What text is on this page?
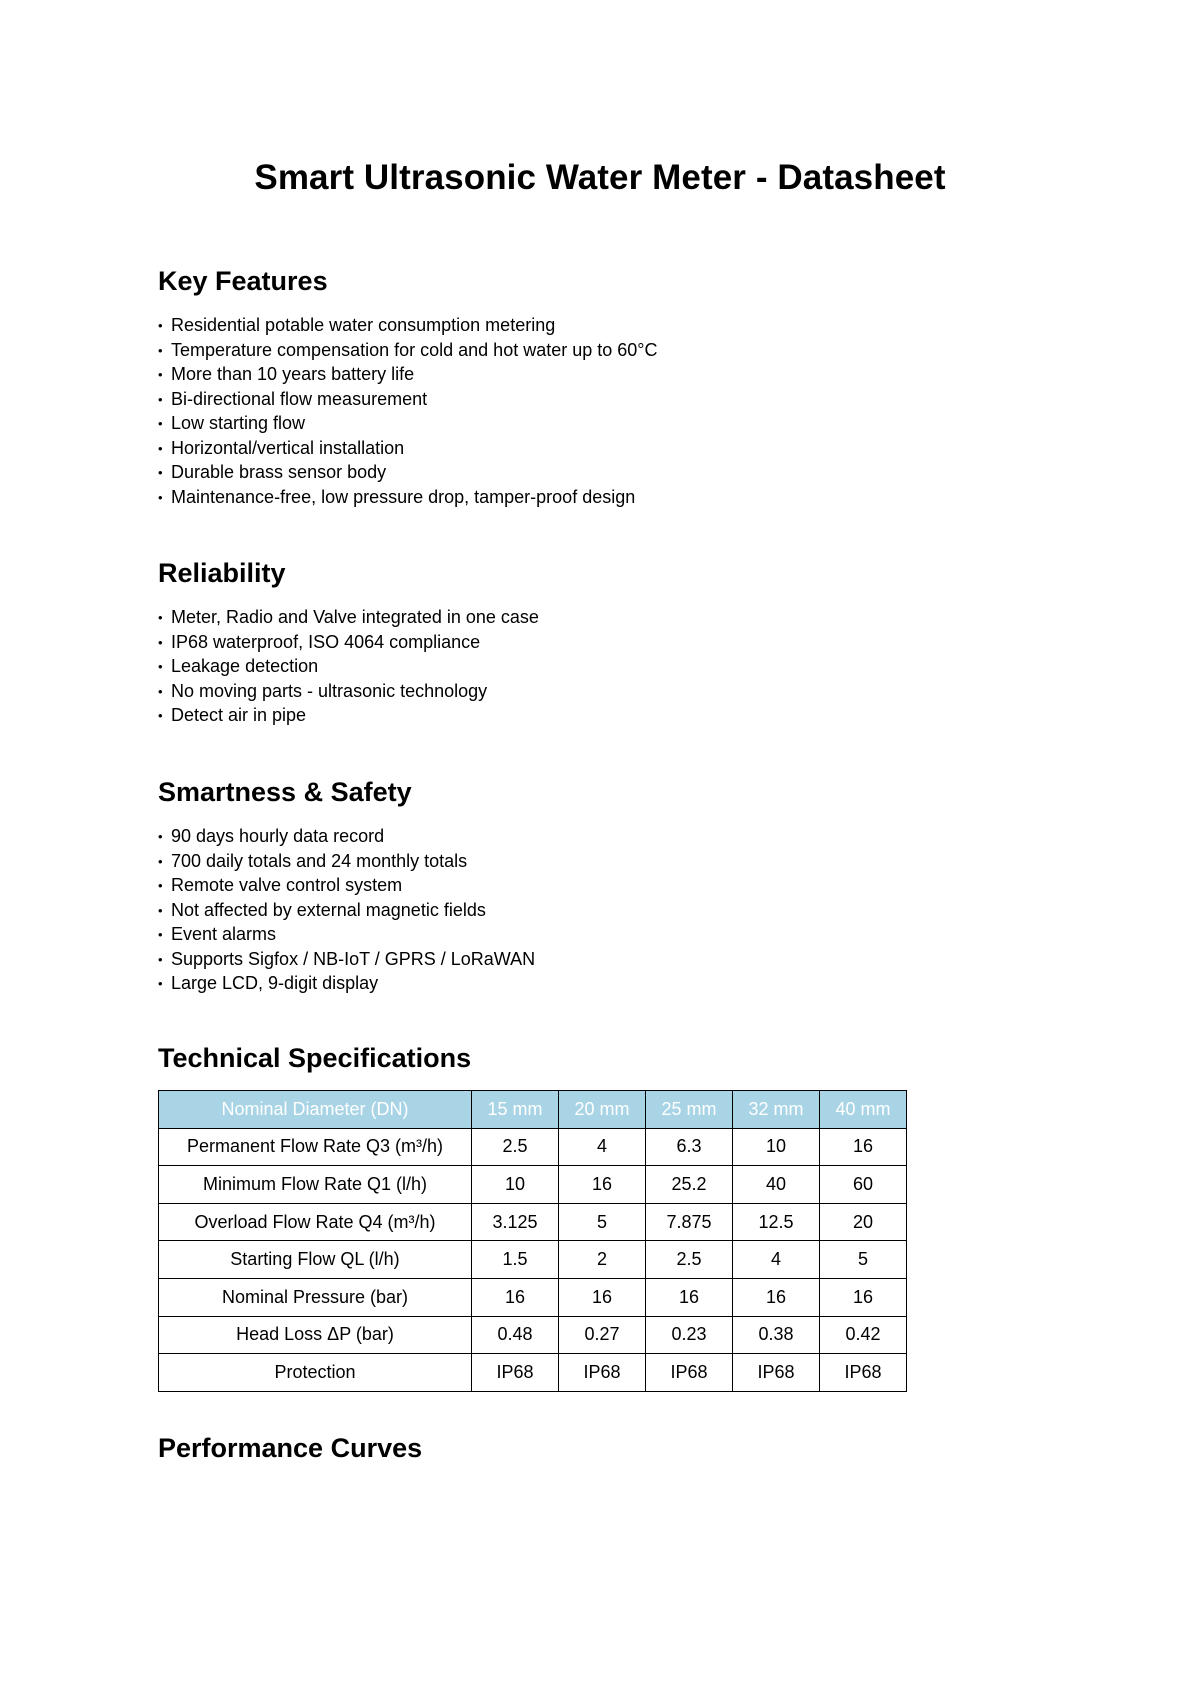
Smart Ultrasonic Water Meter - Datasheet
Key Features
• Residential potable water consumption metering
• Temperature compensation for cold and hot water up to 60°C
• More than 10 years battery life
• Bi-directional flow measurement
• Low starting flow
• Horizontal/vertical installation
• Durable brass sensor body
• Maintenance-free, low pressure drop, tamper-proof design
Reliability
• Meter, Radio and Valve integrated in one case
• IP68 waterproof, ISO 4064 compliance
• Leakage detection
• No moving parts - ultrasonic technology
• Detect air in pipe
Smartness & Safety
• 90 days hourly data record
• 700 daily totals and 24 monthly totals
• Remote valve control system
• Not affected by external magnetic fields
• Event alarms
• Supports Sigfox / NB-IoT / GPRS / LoRaWAN
• Large LCD, 9-digit display
Technical Specifications
Nominal Diameter (DN)	15 mm	20 mm	25 mm	32 mm	40 mm
Permanent Flow Rate Q3 (m³/h)	2.5	4	6.3	10	16
Minimum Flow Rate Q1 (l/h)	10	16	25.2	40	60
Overload Flow Rate Q4 (m³/h)	3.125	5	7.875	12.5	20
Starting Flow QL (l/h)	1.5	2	2.5	4	5
Nominal Pressure (bar)	16	16	16	16	16
Head Loss ΔP (bar)	0.48	0.27	0.23	0.38	0.42
Protection	IP68	IP68	IP68	IP68	IP68
Performance Curves
